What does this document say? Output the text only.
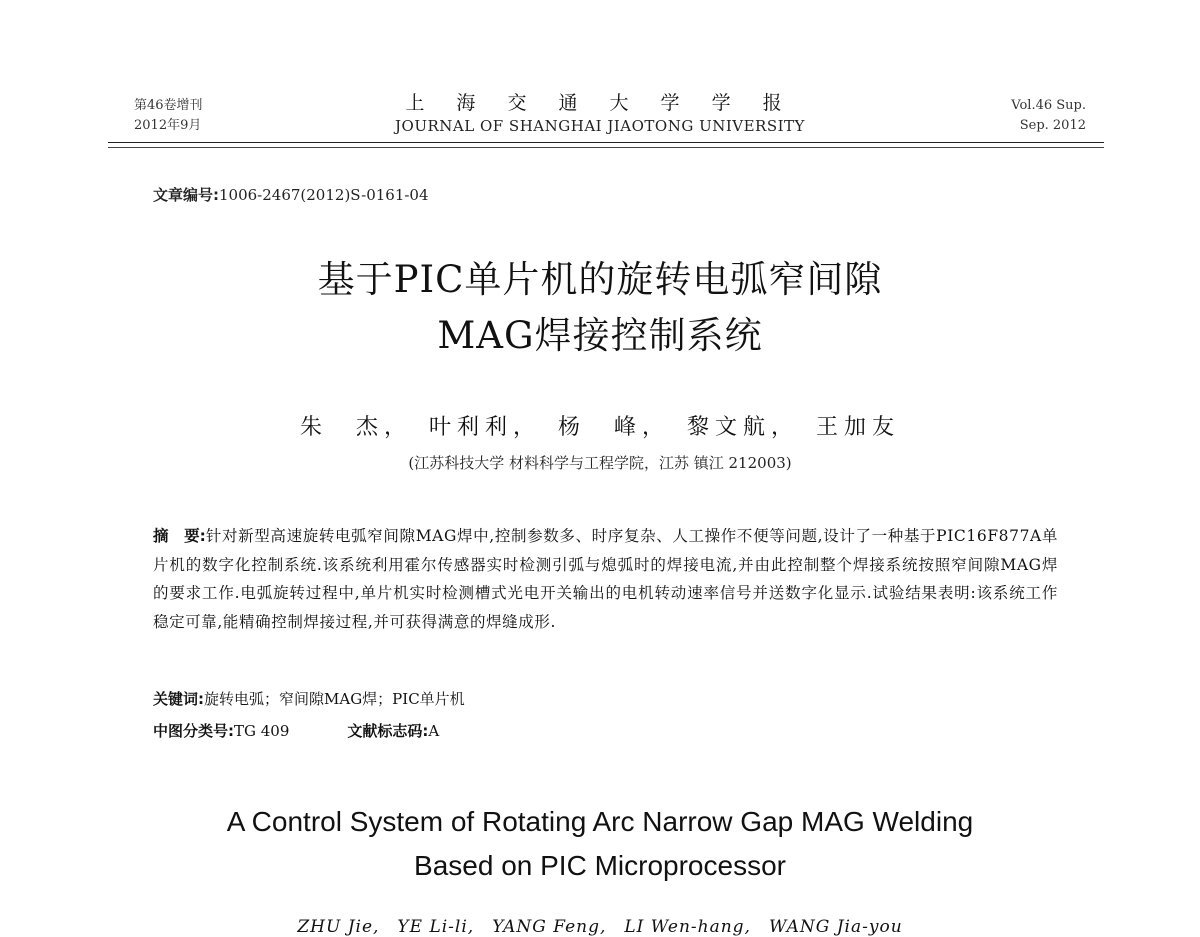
第46卷增刊
2012年9月
上 海 交 通 大 学 学 报
JOURNAL OF SHANGHAI JIAOTONG UNIVERSITY
Vol.46 Sup.
Sep. 2012
文章编号:1006-2467(2012)S-0161-04
基于PIC单片机的旋转电弧窄间隙
MAG焊接控制系统
朱　杰，　叶利利，　杨　峰，　黎文航，　王加友
(江苏科技大学 材料科学与工程学院，江苏 镇江 212003)
摘　要:针对新型高速旋转电弧窄间隙MAG焊中,控制参数多、时序复杂、人工操作不便等问题,设计了一种基于PIC16F877A单片机的数字化控制系统.该系统利用霍尔传感器实时检测引弧与熄弧时的焊接电流,并由此控制整个焊接系统按照窄间隙MAG焊的要求工作.电弧旋转过程中,单片机实时检测槽式光电开关输出的电机转动速率信号并送数字化显示.试验结果表明:该系统工作稳定可靠,能精确控制焊接过程,并可获得满意的焊缝成形.
关键词:旋转电弧；窄间隙MAG焊；PIC单片机
中图分类号:TG 409	文献标志码:A
A Control System of Rotating Arc Narrow Gap MAG Welding
Based on PIC Microprocessor
ZHU Jie,　YE Li-li,　YANG Feng,　LI Wen-hang,　WANG Jia-you
